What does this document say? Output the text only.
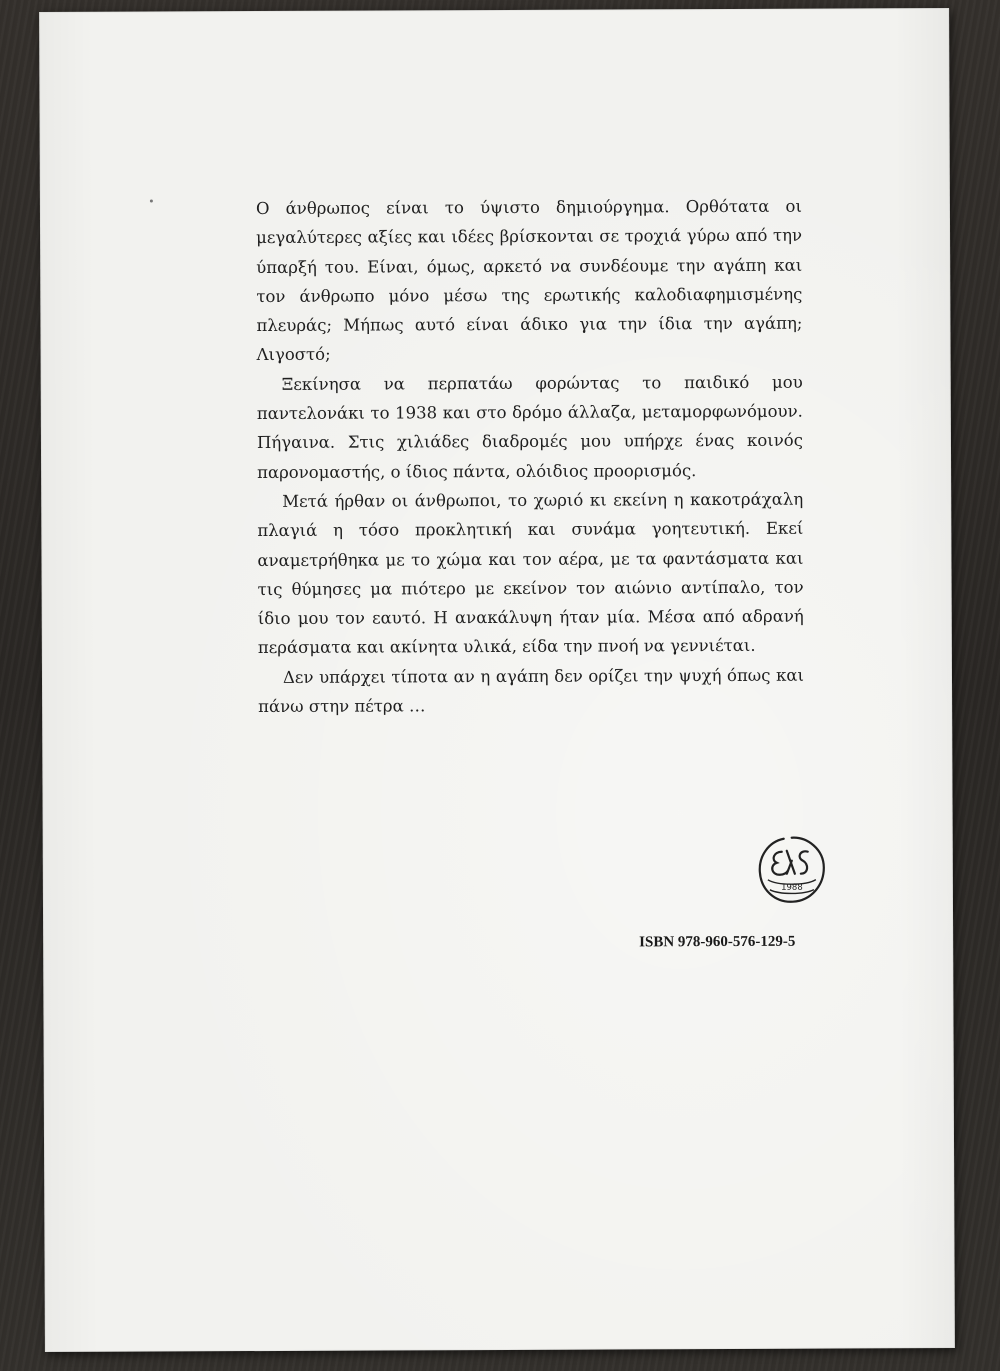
Ο άνθρωπος είναι το ύψιστο δημιούργημα. Ορθότατα οι μεγαλύτερες αξίες και ιδέες βρίσκονται σε τροχιά γύρω από την ύπαρξή του. Είναι, όμως, αρκετό να συνδέουμε την αγάπη και τον άνθρωπο μόνο μέσω της ερωτικής καλοδιαφημισμένης πλευράς; Μήπως αυτό είναι άδικο για την ίδια την αγάπη; Λιγοστό;

Ξεκίνησα να περπατάω φορώντας το παιδικό μου παντελονάκι το 1938 και στο δρόμο άλλαζα, μεταμορφωνόμουν. Πήγαινα. Στις χιλιάδες διαδρομές μου υπήρχε ένας κοινός παρονομαστής, ο ίδιος πάντα, ολόιδιος προορισμός.

Μετά ήρθαν οι άνθρωποι, το χωριό κι εκείνη η κακοτράχαλη πλαγιά η τόσο προκλητική και συνάμα γοητευτική. Εκεί αναμετρήθηκα με το χώμα και τον αέρα, με τα φαντάσματα και τις θύμησες μα πιότερο με εκείνον τον αιώνιο αντίπαλο, τον ίδιο μου τον εαυτό. Η ανακάλυψη ήταν μία. Μέσα από αδρανή περάσματα και ακίνητα υλικά, είδα την πνοή να γεννιέται.

Δεν υπάρχει τίποτα αν η αγάπη δεν ορίζει την ψυχή όπως και πάνω στην πέτρα …

1988
ISBN 978-960-576-129-5
